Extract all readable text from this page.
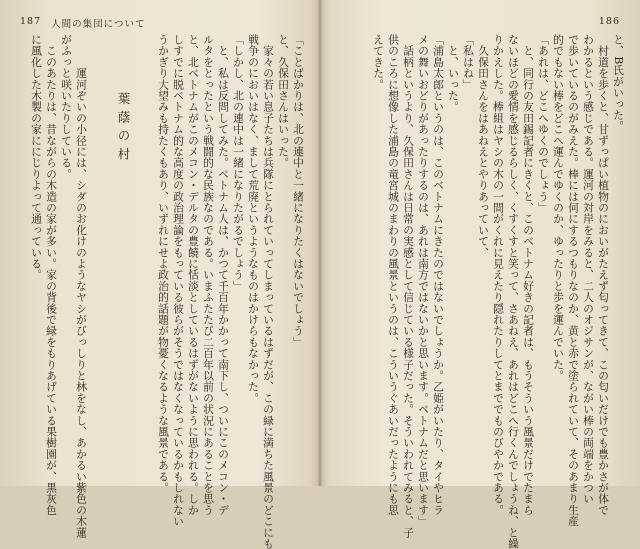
187 人間の集団について	186

「ことばかりは、北の連中と一緒になりたくはないでしょう」

と、久保田さんはいった。

　家々の若い息子たちは兵隊にとられていってしまっているはずだが、この緑に満ちた風景のどこにも

戦争のにおいはなく、まして荒廃というようなものはかけらもなかった。

「しかし、北の連中は一緒になりたがるでしょう」

　と、私は反問してみた。ベトナム人は、かつて千百年かかって南下し、ついにこのメコン・デ

ルタをとったという戦闘的な民族なのである。いまふたたび二百年以前の状況にあることを思う

と、北ベトナムがこのメコン・デルタの豊饒に恬淡としているはずがないように思われる。しか

しすでに脱ベトナム的な高度の政治理論をもっている彼らがそうではなくなっているかもしれない

うかぎり大望みも持たくもあり、いずれにせよ政治的話題が物憂くなるような風景である。

葉蔭の村

　　　運河ぞいの小径には、シダのお化けのようなヤシがびっしりと林をなし、あかるい紫色の木蓮

がふっと咲いたりしている。

　このあたりは、昔ながらの木造の家が多い。家の背後で緑をもりあげている果樹園が、黒灰色

に風化した木製の家ににじりよって通っている。	と、B氏がいった。

　村道を歩くと、甘ずっぱい植物のにおいがたえず匂ってきて、この匂いだけでも豊かさが体で

わかるという感じである。運河の対岸をみると、二人のオジサンが、ながい棒の両端をかつい

で歩いているのがみえた。棒には何にするつもりなのか、黄と赤で塗られていて、そのあまり生産

的でもない棒をどこへ運んでゆくのか、ゆったりと歩を運んでいた。

「あれは、どこへゆくのでしょう」

　と、同行の友田錫記者にきくと、このベトナム好きの記者は、もうそういう風景だけでたまら

ないほどの愛情を感じるらしく、くすくすと笑って、さあねえ、あれはどこへ行くんでしょうね、と繰

りかえした。棒組はヤシの木の一間がくれに見えたり隠れたりしてとまででものびやかである。

　久保田さんをはあねえとやりあっていて、

「私はね」

　と、いった。

「浦島太郎というのは、このベトナムにきたのではないでしょうか。乙姫がいたり、タイやヒラ

メの舞いおどりがあったりするのは、あれは南方ではないかと思います。ベトナムだと思います」

　話柄というより、久保田さんは日常の実感として信じている様子だった。そういわれてみると、子

供のころに想像した浦島の竜宮城のまわりの風景というのは、こういうぐあいだったようにも思

えてきた。
